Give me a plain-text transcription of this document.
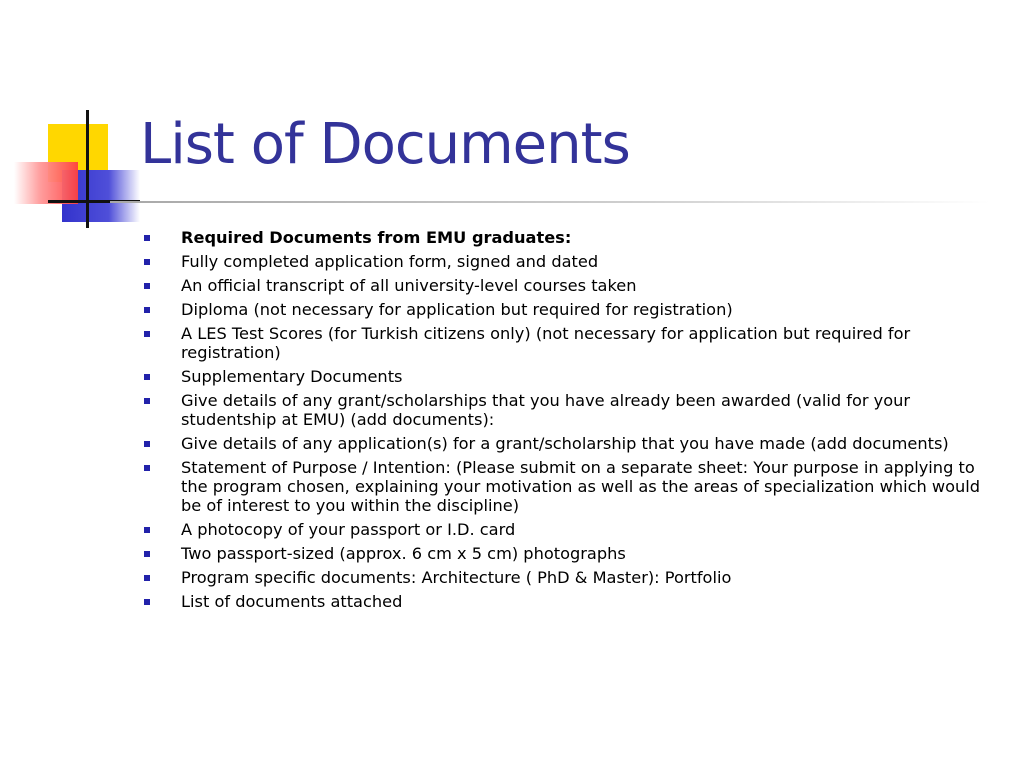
List of Documents
Required Documents from EMU graduates:
Fully completed application form, signed and dated
An official transcript of all university-level courses taken
Diploma (not necessary for application but required for registration)
A LES Test Scores (for Turkish citizens only) (not necessary for application but required for registration)
Supplementary Documents
Give details of any grant/scholarships that you have already been awarded (valid for your studentship at EMU) (add documents):
Give details of any application(s) for a grant/scholarship that you have made (add documents)
Statement of Purpose / Intention: (Please submit on a separate sheet: Your purpose in applying to the program chosen, explaining your motivation as well as the areas of specialization which would be of interest to you within the discipline)
A photocopy of your passport or I.D. card
Two passport-sized (approx. 6 cm x 5 cm) photographs
Program specific documents: Architecture ( PhD & Master): Portfolio
List of documents attached
